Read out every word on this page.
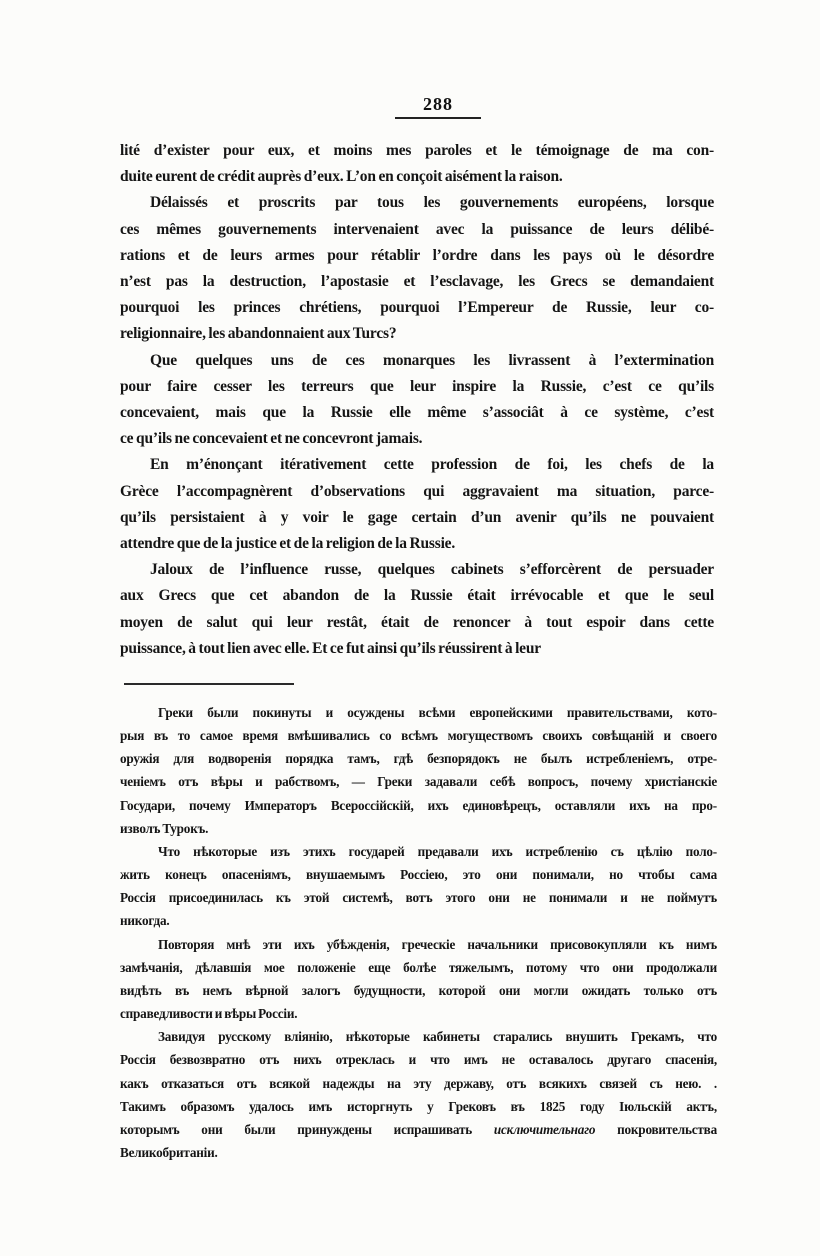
288
lité d’exister pour eux, et moins mes paroles et le témoignage de ma con-
duite eurent de crédit auprès d’eux. L’on en conçoit aisément la raison.
Délaissés et proscrits par tous les gouvernements européens, lorsque
ces mêmes gouvernements intervenaient avec la puissance de leurs délibé-
rations et de leurs armes pour rétablir l’ordre dans les pays où le désordre
n’est pas la destruction, l’apostasie et l’esclavage, les Grecs se demandaient
pourquoi les princes chrétiens, pourquoi l’Empereur de Russie, leur co-
religionnaire, les abandonnaient aux Turcs?
Que quelques uns de ces monarques les livrassent à l’extermination
pour faire cesser les terreurs que leur inspire la Russie, c’est ce qu’ils
concevaient, mais que la Russie elle même s’associât à ce système, c’est
ce qu’ils ne concevaient et ne concevront jamais.
En m’énonçant itérativement cette profession de foi, les chefs de la
Grèce l’accompagnèrent d’observations qui aggravaient ma situation, parce-
qu’ils persistaient à y voir le gage certain d’un avenir qu’ils ne pouvaient
attendre que de la justice et de la religion de la Russie.
Jaloux de l’influence russe, quelques cabinets s’efforcèrent de persuader
aux Grecs que cet abandon de la Russie était irrévocable et que le seul
moyen de salut qui leur restât, était de renoncer à tout espoir dans cette
puissance, à tout lien avec elle. Et ce fut ainsi qu’ils réussirent à leur
Греки были покинуты и осуждены всѣми европейскими правительствами, кото-
рыя въ то самое время вмѣшивались со всѣмъ могуществомъ своихъ совѣщаній и своего
оружія для водворенія порядка тамъ, гдѣ безпорядокъ не былъ истребленіемъ, отре-
ченіемъ отъ вѣры и рабствомъ, — Греки задавали себѣ вопросъ, почему христіанскіе
Государи, почему Императоръ Всероссійскій, ихъ единовѣрецъ, оставляли ихъ на про-
изволъ Турокъ.
Что нѣкоторые изъ этихъ государей предавали ихъ истребленію съ цѣлію поло-
жить конецъ опасеніямъ, внушаемымъ Россіею, это они понимали, но чтобы сама
Россія присоединилась къ этой системѣ, вотъ этого они не понимали и не поймутъ
никогда.
Повторяя мнѣ эти ихъ убѣжденія, греческіе начальники присовокупляли къ нимъ
замѣчанія, дѣлавшія мое положеніе еще болѣе тяжелымъ, потому что они продолжали
видѣть въ немъ вѣрной залогъ будущности, которой они могли ожидать только отъ
справедливости и вѣры Россіи.
Завидуя русскому вліянію, нѣкоторые кабинеты старались внушить Грекамъ, что
Россія безвозвратно отъ нихъ отреклась и что имъ не оставалось другаго спасенія,
какъ отказаться отъ всякой надежды на эту державу, отъ всякихъ связей съ нею. .
Такимъ образомъ удалось имъ исторгнуть у Грековъ въ 1825 году Іюльскій актъ,
которымъ они были принуждены испрашивать исключительнаго покровительства
Великобританіи.
